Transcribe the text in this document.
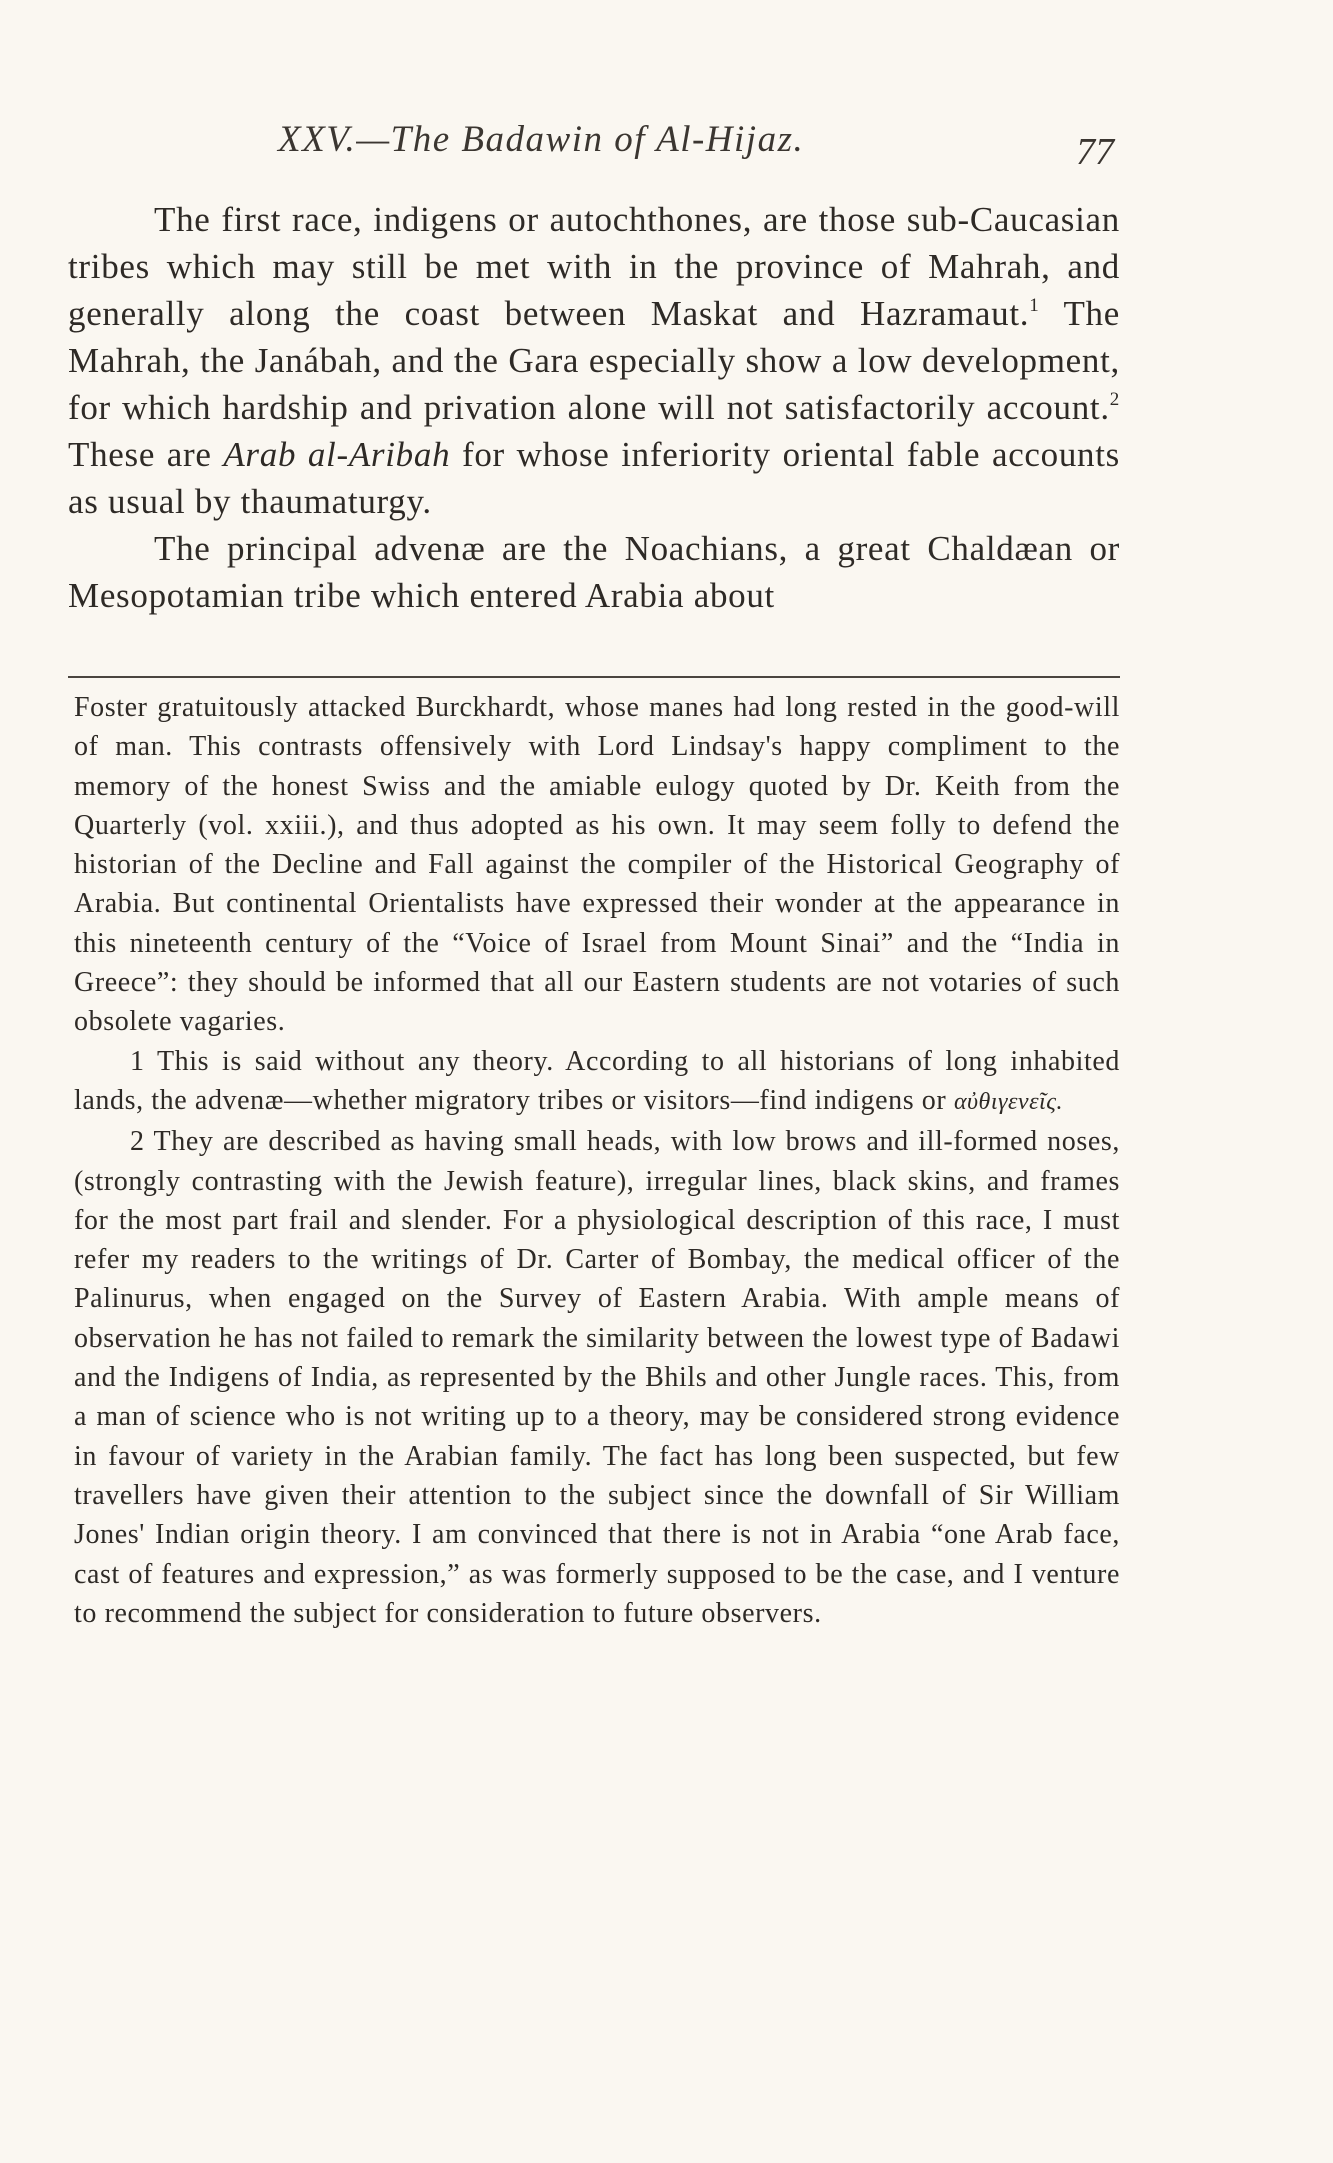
XXV.—The Badawin of Al-Hijaz.	77

The first race, indigens or autochthones, are those sub-Caucasian tribes which may still be met with in the province of Mahrah, and generally along the coast between Maskat and Hazramaut.$^1$ The Mahrah, the Janábah, and the Gara especially show a low development, for which hardship and privation alone will not satisfactorily account.$^2$ These are Arab al-Aribah for whose inferiority oriental fable accounts as usual by thaumaturgy.

The principal advenæ are the Noachians, a great Chaldæan or Mesopotamian tribe which entered Arabia about

Foster gratuitously attacked Burckhardt, whose manes had long rested in the good-will of man. This contrasts offensively with Lord Lindsay's happy compliment to the memory of the honest Swiss and the amiable eulogy quoted by Dr. Keith from the Quarterly (vol. xxiii.), and thus adopted as his own. It may seem folly to defend the historian of the Decline and Fall against the compiler of the Historical Geography of Arabia. But continental Orientalists have expressed their wonder at the appearance in this nineteenth century of the “Voice of Israel from Mount Sinai” and the “India in Greece”: they should be informed that all our Eastern students are not votaries of such obsolete vagaries.

1 This is said without any theory. According to all historians of long inhabited lands, the advenæ—whether migratory tribes or visitors—find indigens or αὐθιγενεῖς.

2 They are described as having small heads, with low brows and ill-formed noses, (strongly contrasting with the Jewish feature), irregular lines, black skins, and frames for the most part frail and slender. For a physiological description of this race, I must refer my readers to the writings of Dr. Carter of Bombay, the medical officer of the Palinurus, when engaged on the Survey of Eastern Arabia. With ample means of observation he has not failed to remark the similarity between the lowest type of Badawi and the Indigens of India, as represented by the Bhils and other Jungle races. This, from a man of science who is not writing up to a theory, may be considered strong evidence in favour of variety in the Arabian family. The fact has long been suspected, but few travellers have given their attention to the subject since the downfall of Sir William Jones' Indian origin theory. I am convinced that there is not in Arabia “one Arab face, cast of features and expression,” as was formerly supposed to be the case, and I venture to recommend the subject for consideration to future observers.
